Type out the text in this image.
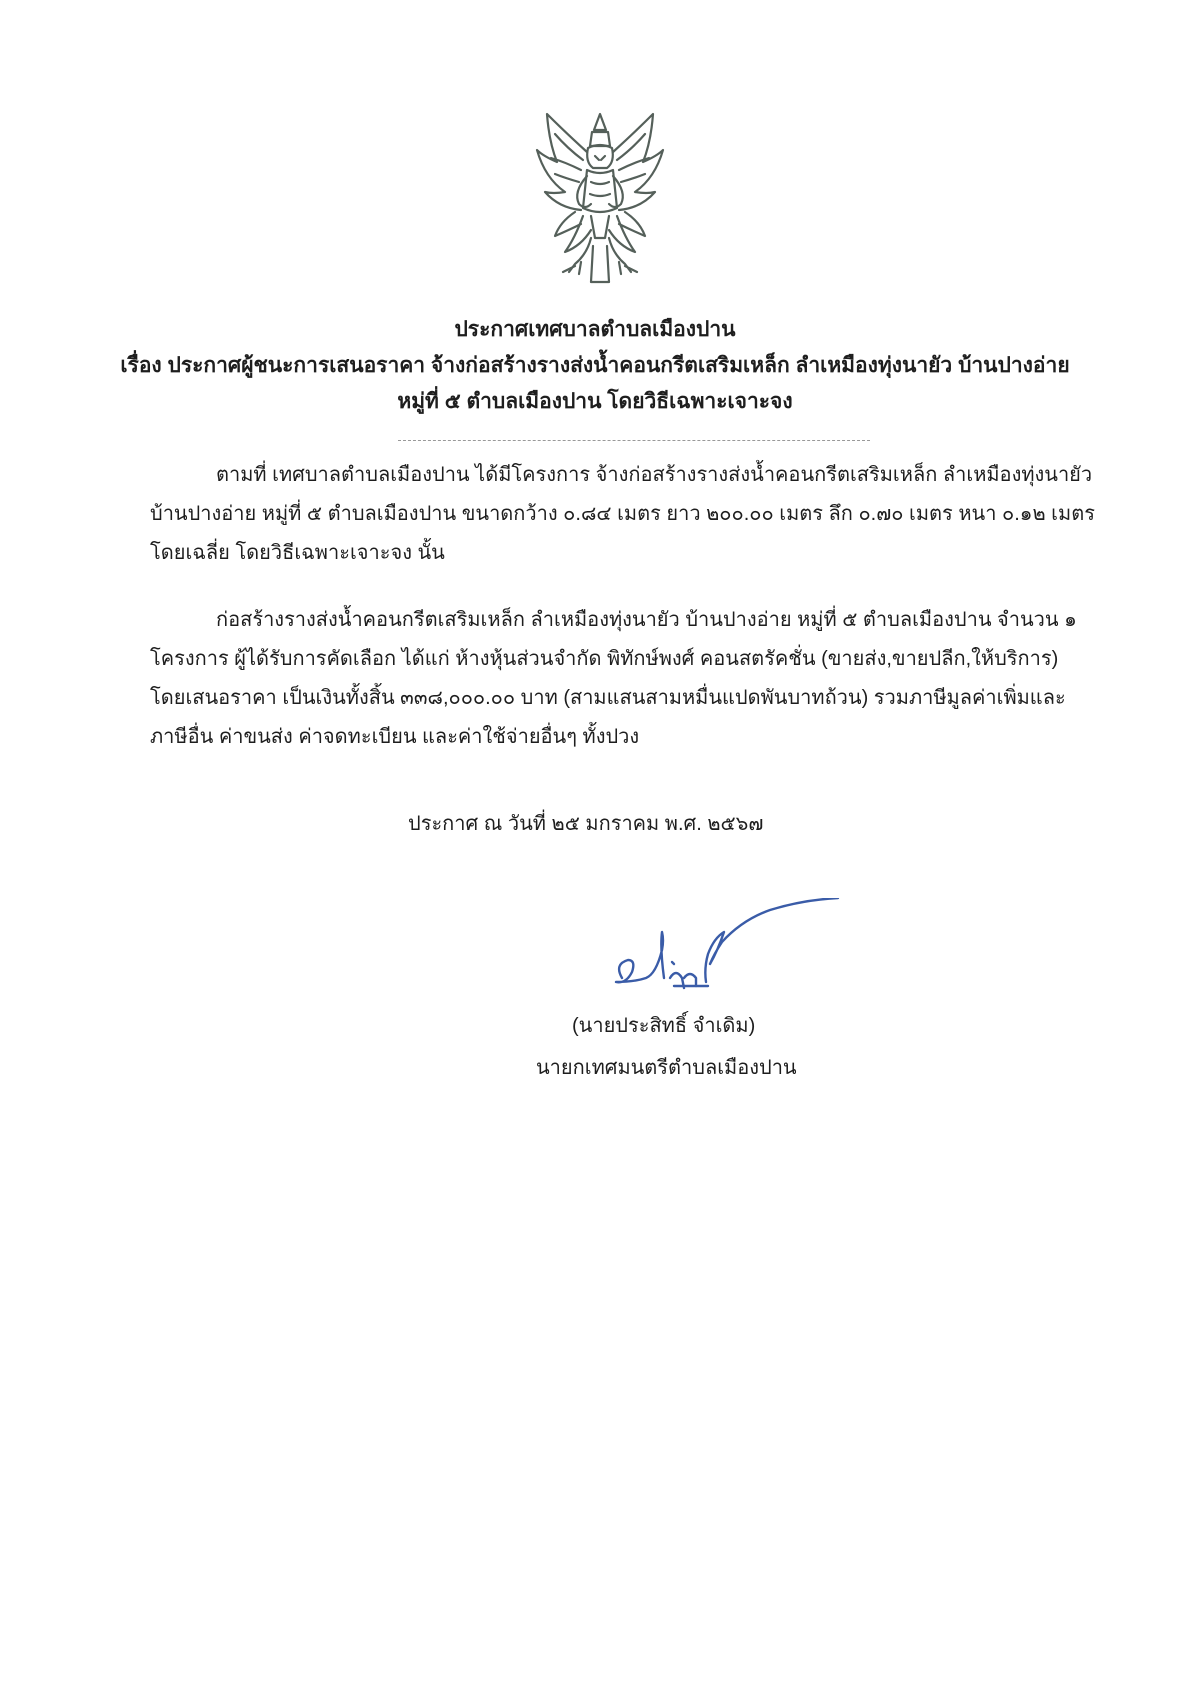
ประกาศเทศบาลตำบลเมืองปาน

เรื่อง ประกาศผู้ชนะการเสนอราคา จ้างก่อสร้างรางส่งน้ำคอนกรีตเสริมเหล็ก ลำเหมืองทุ่งนายัว บ้านปางอ่าย

หมู่ที่ ๕ ตำบลเมืองปาน โดยวิธีเฉพาะเจาะจง

ตามที่ เทศบาลตำบลเมืองปาน ได้มีโครงการ จ้างก่อสร้างรางส่งน้ำคอนกรีตเสริมเหล็ก ลำเหมืองทุ่งนายัว บ้านปางอ่าย หมู่ที่ ๕ ตำบลเมืองปาน ขนาดกว้าง ๐.๘๔ เมตร ยาว ๒๐๐.๐๐ เมตร ลึก ๐.๗๐ เมตร หนา ๐.๑๒ เมตร โดยเฉลี่ย โดยวิธีเฉพาะเจาะจง นั้น

ก่อสร้างรางส่งน้ำคอนกรีตเสริมเหล็ก ลำเหมืองทุ่งนายัว บ้านปางอ่าย หมู่ที่ ๕ ตำบลเมืองปาน จำนวน ๑ โครงการ ผู้ได้รับการคัดเลือก ได้แก่ ห้างหุ้นส่วนจำกัด พิทักษ์พงศ์ คอนสตรัคชั่น (ขายส่ง,ขายปลีก,ให้บริการ) โดยเสนอราคา เป็นเงินทั้งสิ้น ๓๓๘,๐๐๐.๐๐ บาท (สามแสนสามหมื่นแปดพันบาทถ้วน) รวมภาษีมูลค่าเพิ่มและภาษีอื่น ค่าขนส่ง ค่าจดทะเบียน และค่าใช้จ่ายอื่นๆ ทั้งปวง

ประกาศ ณ วันที่ ๒๕ มกราคม พ.ศ. ๒๕๖๗
(นายประสิทธิ์ จำเดิม)
นายกเทศมนตรีตำบลเมืองปาน
